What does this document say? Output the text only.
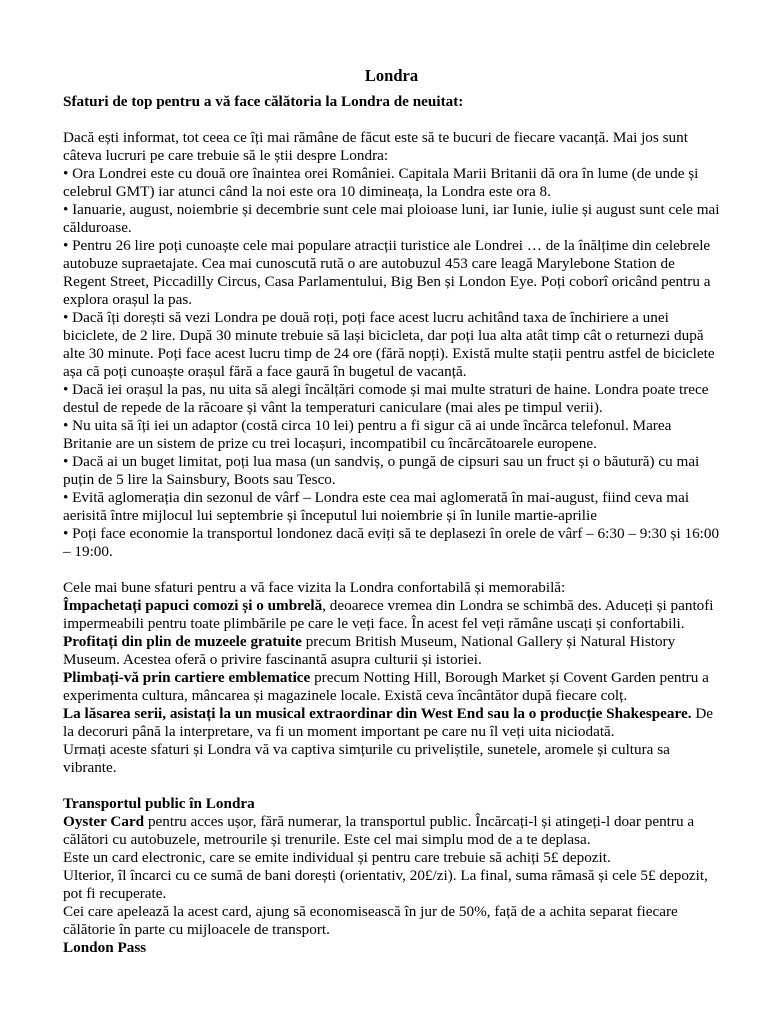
Londra

Sfaturi de top pentru a vă face călătoria la Londra de neuitat:

Dacă ești informat, tot ceea ce îți mai rămâne de făcut este să te bucuri de fiecare vacanță. Mai jos sunt câteva lucruri pe care trebuie să le știi despre Londra:

• Ora Londrei este cu două ore înaintea orei României. Capitala Marii Britanii dă ora în lume (de unde și celebrul GMT) iar atunci când la noi este ora 10 dimineața, la Londra este ora 8.

• Ianuarie, august, noiembrie și decembrie sunt cele mai ploioase luni, iar Iunie, iulie și august sunt cele mai călduroase.

• Pentru 26 lire poți cunoaște cele mai populare atracții turistice ale Londrei … de la înălțime din celebrele autobuze supraetajate. Cea mai cunoscută rută o are autobuzul 453 care leagă Marylebone Station de Regent Street, Piccadilly Circus, Casa Parlamentului, Big Ben și London Eye. Poți coborî oricând pentru a explora orașul la pas.

• Dacă îți dorești să vezi Londra pe două roți, poți face acest lucru achitând taxa de închiriere a unei biciclete, de 2 lire. După 30 minute trebuie să lași bicicleta, dar poți lua alta atât timp cât o returnezi după alte 30 minute. Poți face acest lucru timp de 24 ore (fără nopți). Există multe stații pentru astfel de biciclete așa că poți cunoaște orașul fără a face gaură în bugetul de vacanță.

• Dacă iei orașul la pas, nu uita să alegi încălțări comode și mai multe straturi de haine. Londra poate trece destul de repede de la răcoare și vânt la temperaturi caniculare (mai ales pe timpul verii).

• Nu uita să îți iei un adaptor (costă circa 10 lei) pentru a fi sigur că ai unde încărca telefonul. Marea Britanie are un sistem de prize cu trei locașuri, incompatibil cu încărcătoarele europene.

• Dacă ai un buget limitat, poți lua masa (un sandviș, o pungă de cipsuri sau un fruct și o băutură) cu mai puțin de 5 lire la Sainsbury, Boots sau Tesco.

• Evită aglomerația din sezonul de vârf – Londra este cea mai aglomerată în mai-august, fiind ceva mai aerisită între mijlocul lui septembrie și începutul lui noiembrie și în lunile martie-aprilie

• Poți face economie la transportul londonez dacă eviți să te deplasezi în orele de vârf – 6:30 – 9:30 și 16:00 – 19:00.

Cele mai bune sfaturi pentru a vă face vizita la Londra confortabilă și memorabilă:

Împachetați papuci comozi și o umbrelă, deoarece vremea din Londra se schimbă des. Aduceți și pantofi impermeabili pentru toate plimbările pe care le veți face. În acest fel veți rămâne uscați și confortabili.

Profitați din plin de muzeele gratuite precum British Museum, National Gallery și Natural History Museum. Acestea oferă o privire fascinantă asupra culturii și istoriei.

Plimbați-vă prin cartiere emblematice precum Notting Hill, Borough Market și Covent Garden pentru a experimenta cultura, mâncarea și magazinele locale. Există ceva încântător după fiecare colț.

La lăsarea serii, asistați la un musical extraordinar din West End sau la o producție Shakespeare. De la decoruri până la interpretare, va fi un moment important pe care nu îl veți uita niciodată.

Urmați aceste sfaturi și Londra vă va captiva simțurile cu priveliștile, sunetele, aromele și cultura sa vibrante.

Transportul public în Londra

Oyster Card pentru acces ușor, fără numerar, la transportul public. Încărcați-l și atingeți-l doar pentru a călători cu autobuzele, metrourile și trenurile. Este cel mai simplu mod de a te deplasa.

Este un card electronic, care se emite individual și pentru care trebuie să achiți 5£ depozit.

Ulterior, îl încarci cu ce sumă de bani dorești (orientativ, 20£/zi). La final, suma rămasă și cele 5£ depozit, pot fi recuperate.

Cei care apelează la acest card, ajung să economisească în jur de 50%, față de a achita separat fiecare călătorie în parte cu mijloacele de transport.

London Pass
